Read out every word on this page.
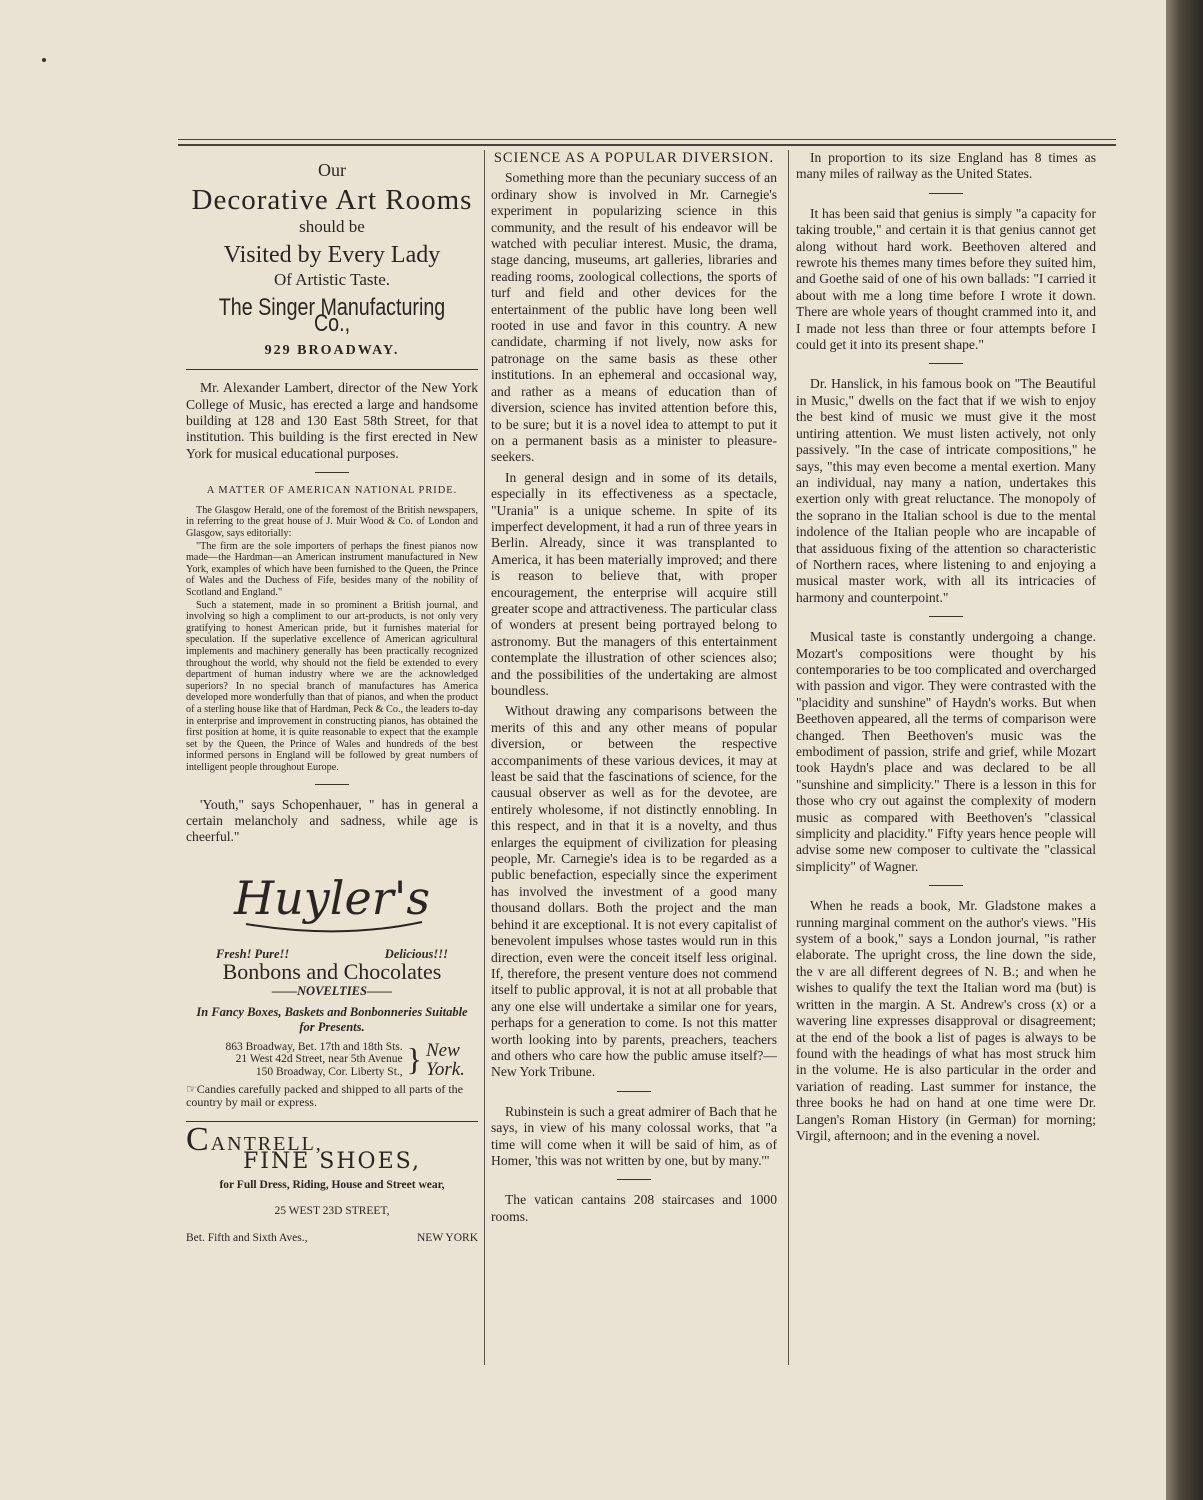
Our
Decorative Art Rooms
should be
Visited by Every Lady
Of Artistic Taste.
The Singer Manufacturing Co.,
929 BROADWAY.

Mr. Alexander Lambert, director of the New York College of Music, has erected a large and handsome building at 128 and 130 East 58th Street, for that institution. This building is the first erected in New York for musical educational purposes.

A MATTER OF AMERICAN NATIONAL PRIDE.

The Glasgow Herald, one of the foremost of the British newspapers, in referring to the great house of J. Muir Wood & Co. of London and Glasgow, says editorially:

"The firm are the sole importers of perhaps the finest pianos now made—the Hardman—an American instrument manufactured in New York, examples of which have been furnished to the Queen, the Prince of Wales and the Duchess of Fife, besides many of the nobility of Scotland and England."

Such a statement, made in so prominent a British journal, and involving so high a compliment to our art-products, is not only very gratifying to honest American pride, but it furnishes material for speculation. If the superlative excellence of American agricultural implements and machinery generally has been practically recognized throughout the world, why should not the field be extended to every department of human industry where we are the acknowledged superiors? In no special branch of manufactures has America developed more wonderfully than that of pianos, and when the product of a sterling house like that of Hardman, Peck & Co., the leaders to-day in enterprise and improvement in constructing pianos, has obtained the first position at home, it is quite reasonable to expect that the example set by the Queen, the Prince of Wales and hundreds of the best informed persons in England will be followed by great numbers of intelligent people throughout Europe.

'Youth," says Schopenhauer, " has in general a certain melancholy and sadness, while age is cheerful."

Huyler's
Fresh! Pure!!	Delicious!!!
Bonbons and Chocolates
——NOVELTIES——
In Fancy Boxes, Baskets and Bonbonneries Suitable for Presents.
863 Broadway, Bet. 17th and 18th Sts.
21 West 42d Street, near 5th Avenue
150 Broadway, Cor. Liberty St., } New York.
☞Candies carefully packed and shipped to all parts of the country by mail or express.
CANTRELL,
FINE SHOES,
for Full Dress, Riding, House and Street wear,
25 WEST 23D STREET,
Bet. Fifth and Sixth Aves.,	NEW YORK
SCIENCE AS A POPULAR DIVERSION.

Something more than the pecuniary success of an ordinary show is involved in Mr. Carnegie's experiment in popularizing science in this community, and the result of his endeavor will be watched with peculiar interest. Music, the drama, stage dancing, museums, art galleries, libraries and reading rooms, zoological collections, the sports of turf and field and other devices for the entertainment of the public have long been well rooted in use and favor in this country. A new candidate, charming if not lively, now asks for patronage on the same basis as these other institutions. In an ephemeral and occasional way, and rather as a means of education than of diversion, science has invited attention before this, to be sure; but it is a novel idea to attempt to put it on a permanent basis as a minister to pleasure-seekers.

In general design and in some of its details, especially in its effectiveness as a spectacle, "Urania" is a unique scheme. In spite of its imperfect development, it had a run of three years in Berlin. Already, since it was transplanted to America, it has been materially improved; and there is reason to believe that, with proper encouragement, the enterprise will acquire still greater scope and attractiveness. The particular class of wonders at present being portrayed belong to astronomy. But the managers of this entertainment contemplate the illustration of other sciences also; and the possibilities of the undertaking are almost boundless.

Without drawing any comparisons between the merits of this and any other means of popular diversion, or between the respective accompaniments of these various devices, it may at least be said that the fascinations of science, for the causual observer as well as for the devotee, are entirely wholesome, if not distinctly ennobling. In this respect, and in that it is a novelty, and thus enlarges the equipment of civilization for pleasing people, Mr. Carnegie's idea is to be regarded as a public benefaction, especially since the experiment has involved the investment of a good many thousand dollars. Both the project and the man behind it are exceptional. It is not every capitalist of benevolent impulses whose tastes would run in this direction, even were the conceit itself less original. If, therefore, the present venture does not commend itself to public approval, it is not at all probable that any one else will undertake a similar one for years, perhaps for a generation to come. Is not this matter worth looking into by parents, preachers, teachers and others who care how the public amuse itself?—New York Tribune.

Rubinstein is such a great admirer of Bach that he says, in view of his many colossal works, that "a time will come when it will be said of him, as of Homer, 'this was not written by one, but by many.'"

The vatican cantains 208 staircases and 1000 rooms.

In proportion to its size England has 8 times as many miles of railway as the United States.

It has been said that genius is simply "a capacity for taking trouble," and certain it is that genius cannot get along without hard work. Beethoven altered and rewrote his themes many times before they suited him, and Goethe said of one of his own ballads: "I carried it about with me a long time before I wrote it down. There are whole years of thought crammed into it, and I made not less than three or four attempts before I could get it into its present shape."

Dr. Hanslick, in his famous book on "The Beautiful in Music," dwells on the fact that if we wish to enjoy the best kind of music we must give it the most untiring attention. We must listen actively, not only passively. "In the case of intricate compositions," he says, "this may even become a mental exertion. Many an individual, nay many a nation, undertakes this exertion only with great reluctance. The monopoly of the soprano in the Italian school is due to the mental indolence of the Italian people who are incapable of that assiduous fixing of the attention so characteristic of Northern races, where listening to and enjoying a musical master work, with all its intricacies of harmony and counterpoint."

Musical taste is constantly undergoing a change. Mozart's compositions were thought by his contemporaries to be too complicated and overcharged with passion and vigor. They were contrasted with the "placidity and sunshine" of Haydn's works. But when Beethoven appeared, all the terms of comparison were changed. Then Beethoven's music was the embodiment of passion, strife and grief, while Mozart took Haydn's place and was declared to be all "sunshine and simplicity." There is a lesson in this for those who cry out against the complexity of modern music as compared with Beethoven's "classical simplicity and placidity." Fifty years hence people will advise some new composer to cultivate the "classical simplicity" of Wagner.

When he reads a book, Mr. Gladstone makes a running marginal comment on the author's views. "His system of a book," says a London journal, "is rather elaborate. The upright cross, the line down the side, the v are all different degrees of N. B.; and when he wishes to qualify the text the Italian word ma (but) is written in the margin. A St. Andrew's cross (x) or a wavering line expresses disapproval or disagreement; at the end of the book a list of pages is always to be found with the headings of what has most struck him in the volume. He is also particular in the order and variation of reading. Last summer for instance, the three books he had on hand at one time were Dr. Langen's Roman History (in German) for morning; Virgil, afternoon; and in the evening a novel.
